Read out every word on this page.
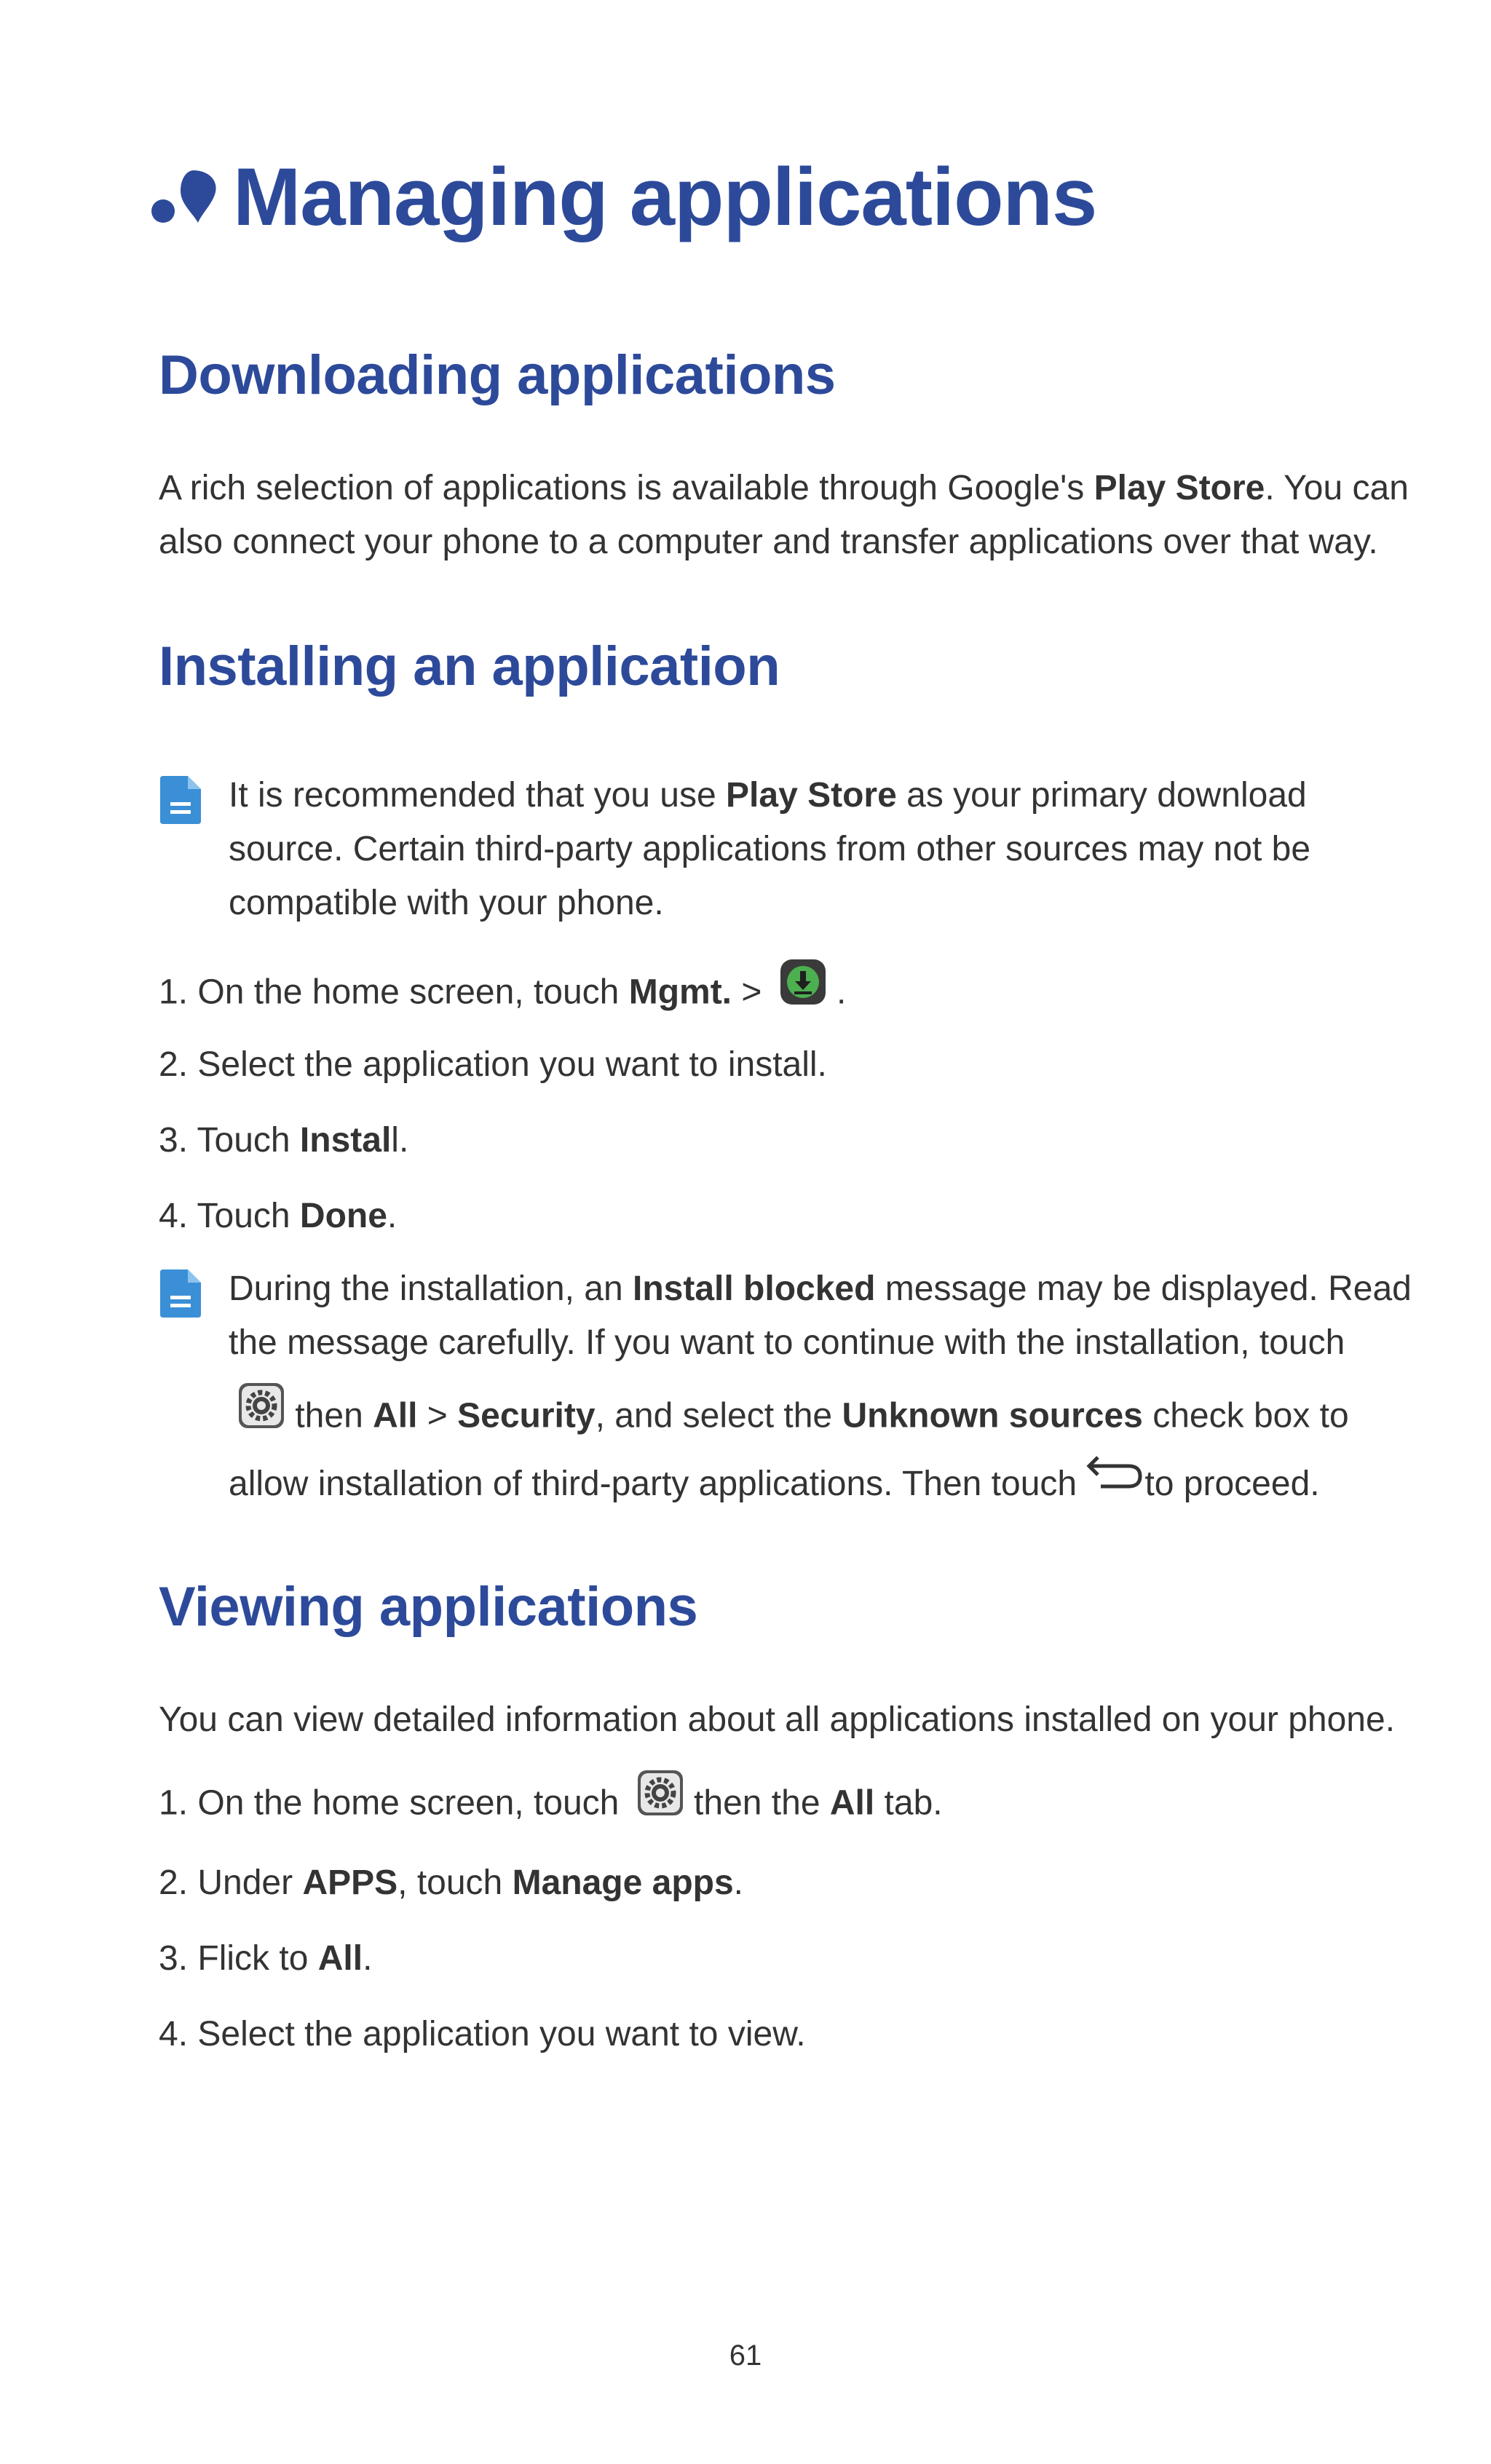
Managing applications
Downloading applications
A rich selection of applications is available through Google's Play Store. You can
also connect your phone to a computer and transfer applications over that way.
Installing an application
It is recommended that you use Play Store as your primary download
source. Certain third-party applications from other sources may not be
compatible with your phone.
1. On the home screen, touch Mgmt. >  .
2. Select the application you want to install.
3. Touch Install.
4. Touch Done.
During the installation, an Install blocked message may be displayed. Read
the message carefully. If you want to continue with the installation, touch
then All > Security, and select the Unknown sources check box to
allow installation of third-party applications. Then touch to proceed.
Viewing applications
You can view detailed information about all applications installed on your phone.
1. On the home screen, touch  then the All tab.
2. Under APPS, touch Manage apps.
3. Flick to All.
4. Select the application you want to view.
61
